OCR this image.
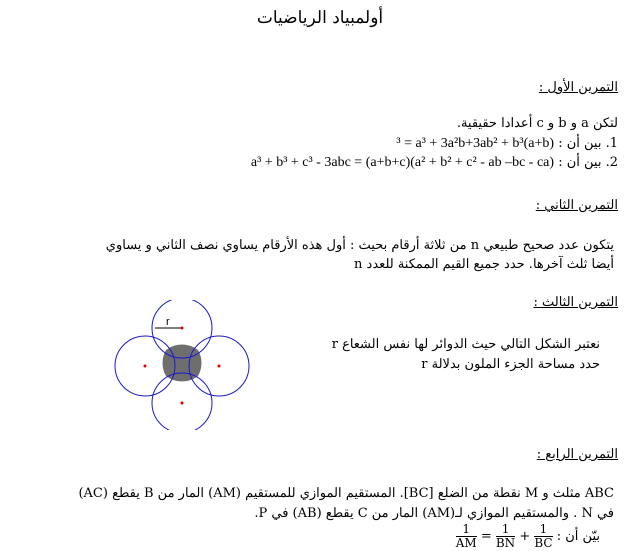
أولمبياد الرياضيات
التمرين الأول :
لتكن a و b و c أعدادا حقيقية.
1. بين أن : (a+b)³ = a³ + 3a²b+3ab² + b³
2. بين أن : a³ + b³ + c³ - 3abc = (a+b+c)(a² + b² + c² - ab –bc - ca)
التمرين الثاني :
يتكون عدد صحيح طبيعي n من ثلاثة أرقام بحيث : أول هذه الأرقام يساوي نصف الثاني و يساوي
أيضا ثلث آخرها. حدد جميع القيم الممكنة للعدد n
التمرين الثالث :
نعتبر الشكل التالي حيث الدوائر لها نفس الشعاع r
حدد مساحة الجزء الملون بدلالة r
r
التمرين الرابع :
ABC مثلث و M نقطة من الضلع [BC]. المستقيم الموازي للمستقيم (AM) المار من B يقطع (AC)
في N . والمستقيم الموازي لـ(AM) المار من C يقطع (AB) في P.
بيّن أن :
$\frac{1}{AM} = \frac{1}{BN} + \frac{1}{BC}$
